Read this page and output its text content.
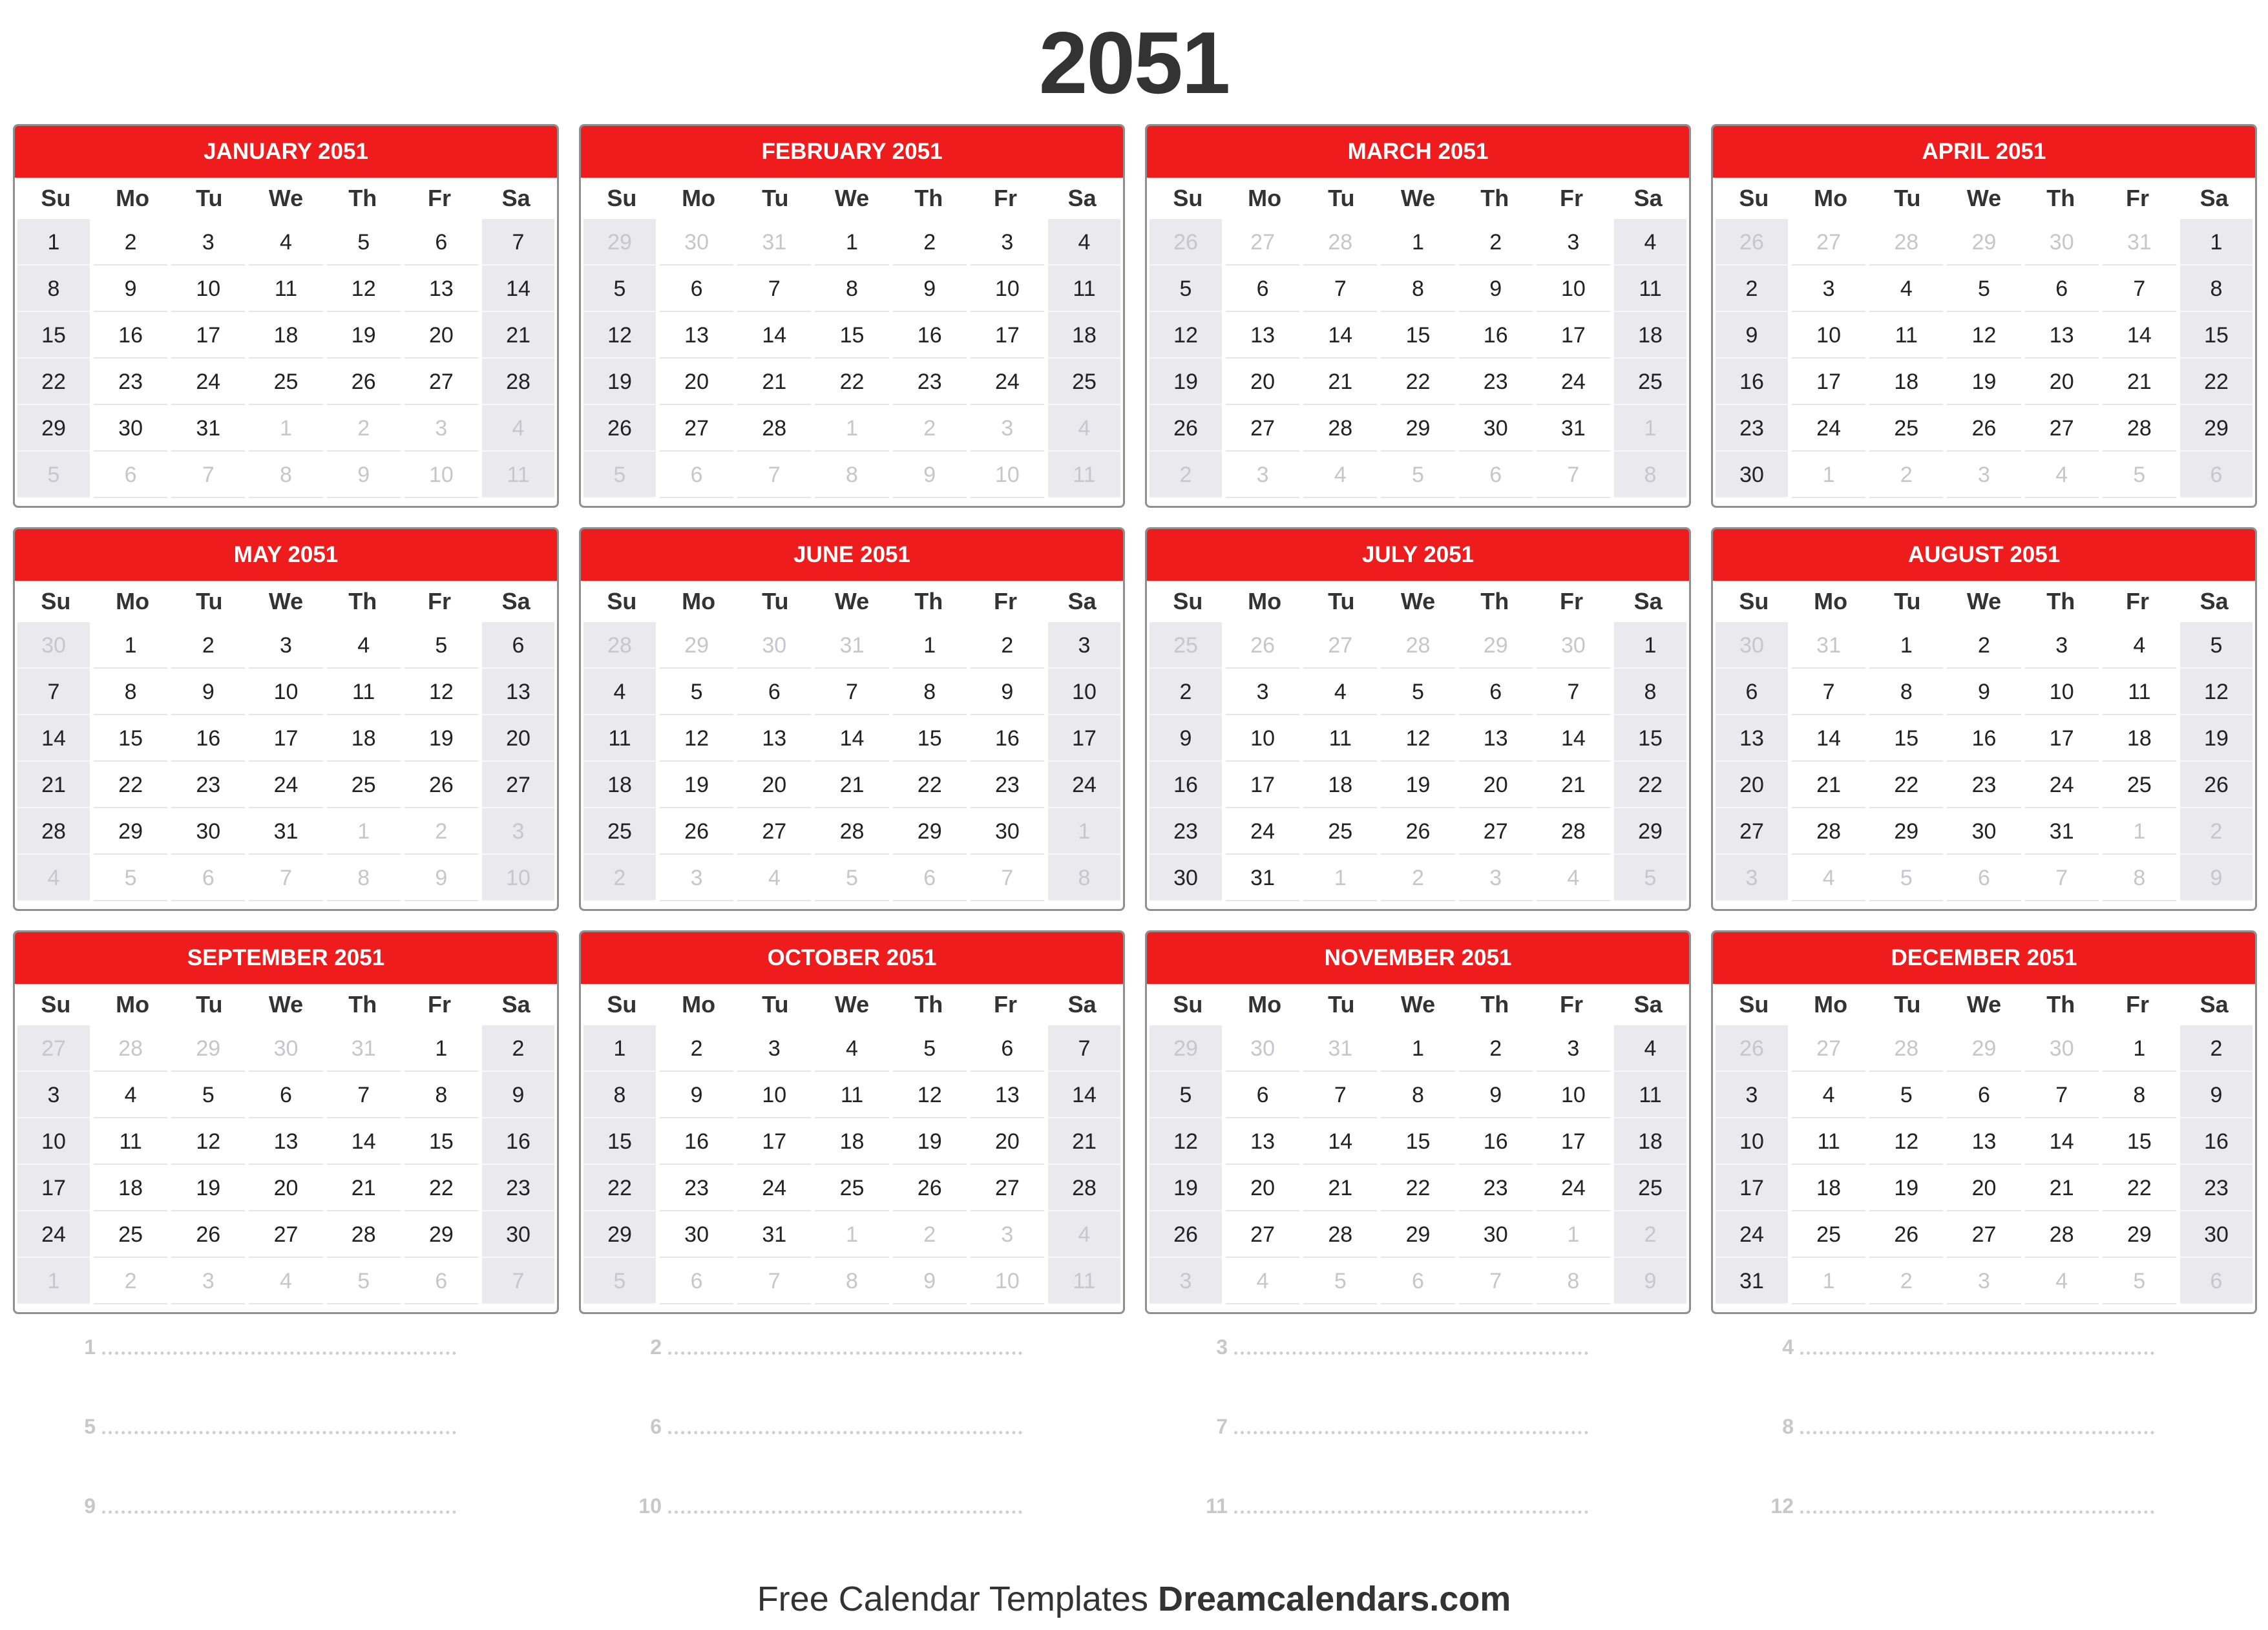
2051
JANUARY 2051
Su	Mo	Tu	We	Th	Fr	Sa
1	2	3	4	5	6	7
8	9	10	11	12	13	14
15	16	17	18	19	20	21
22	23	24	25	26	27	28
29	30	31	1	2	3	4
5	6	7	8	9	10	11
FEBRUARY 2051
Su	Mo	Tu	We	Th	Fr	Sa
29	30	31	1	2	3	4
5	6	7	8	9	10	11
12	13	14	15	16	17	18
19	20	21	22	23	24	25
26	27	28	1	2	3	4
5	6	7	8	9	10	11
MARCH 2051
Su	Mo	Tu	We	Th	Fr	Sa
26	27	28	1	2	3	4
5	6	7	8	9	10	11
12	13	14	15	16	17	18
19	20	21	22	23	24	25
26	27	28	29	30	31	1
2	3	4	5	6	7	8
APRIL 2051
Su	Mo	Tu	We	Th	Fr	Sa
26	27	28	29	30	31	1
2	3	4	5	6	7	8
9	10	11	12	13	14	15
16	17	18	19	20	21	22
23	24	25	26	27	28	29
30	1	2	3	4	5	6
MAY 2051
Su	Mo	Tu	We	Th	Fr	Sa
30	1	2	3	4	5	6
7	8	9	10	11	12	13
14	15	16	17	18	19	20
21	22	23	24	25	26	27
28	29	30	31	1	2	3
4	5	6	7	8	9	10
JUNE 2051
Su	Mo	Tu	We	Th	Fr	Sa
28	29	30	31	1	2	3
4	5	6	7	8	9	10
11	12	13	14	15	16	17
18	19	20	21	22	23	24
25	26	27	28	29	30	1
2	3	4	5	6	7	8
JULY 2051
Su	Mo	Tu	We	Th	Fr	Sa
25	26	27	28	29	30	1
2	3	4	5	6	7	8
9	10	11	12	13	14	15
16	17	18	19	20	21	22
23	24	25	26	27	28	29
30	31	1	2	3	4	5
AUGUST 2051
Su	Mo	Tu	We	Th	Fr	Sa
30	31	1	2	3	4	5
6	7	8	9	10	11	12
13	14	15	16	17	18	19
20	21	22	23	24	25	26
27	28	29	30	31	1	2
3	4	5	6	7	8	9
SEPTEMBER 2051
Su	Mo	Tu	We	Th	Fr	Sa
27	28	29	30	31	1	2
3	4	5	6	7	8	9
10	11	12	13	14	15	16
17	18	19	20	21	22	23
24	25	26	27	28	29	30
1	2	3	4	5	6	7
OCTOBER 2051
Su	Mo	Tu	We	Th	Fr	Sa
1	2	3	4	5	6	7
8	9	10	11	12	13	14
15	16	17	18	19	20	21
22	23	24	25	26	27	28
29	30	31	1	2	3	4
5	6	7	8	9	10	11
NOVEMBER 2051
Su	Mo	Tu	We	Th	Fr	Sa
29	30	31	1	2	3	4
5	6	7	8	9	10	11
12	13	14	15	16	17	18
19	20	21	22	23	24	25
26	27	28	29	30	1	2
3	4	5	6	7	8	9
DECEMBER 2051
Su	Mo	Tu	We	Th	Fr	Sa
26	27	28	29	30	1	2
3	4	5	6	7	8	9
10	11	12	13	14	15	16
17	18	19	20	21	22	23
24	25	26	27	28	29	30
31	1	2	3	4	5	6
1	2	3	4
5	6	7	8
9	10	11	12
Free Calendar Templates Dreamcalendars.com
